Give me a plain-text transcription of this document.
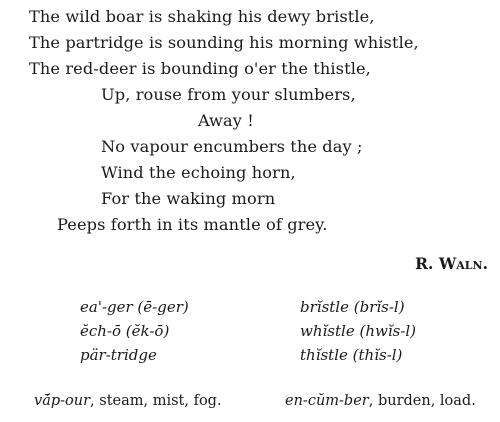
The wild boar is shaking his dewy bristle,
The partridge is sounding his morning whistle,
The red-deer is bounding o'er the thistle,
Up, rouse from your slumbers,
Away !
No vapour encumbers the day ;
Wind the echoing horn,
For the waking morn
Peeps forth in its mantle of grey.
R. Waln.
ea'-ger (ē-ger)
ĕch-ō (ĕk-ō)
pär-tridge
brĭstle (brĭs-l)
whĭstle (hwĭs-l)
thĭstle (thĭs-l)
vā́p-our, steam, mist, fog.	en-cŭm-ber, burden, load.
